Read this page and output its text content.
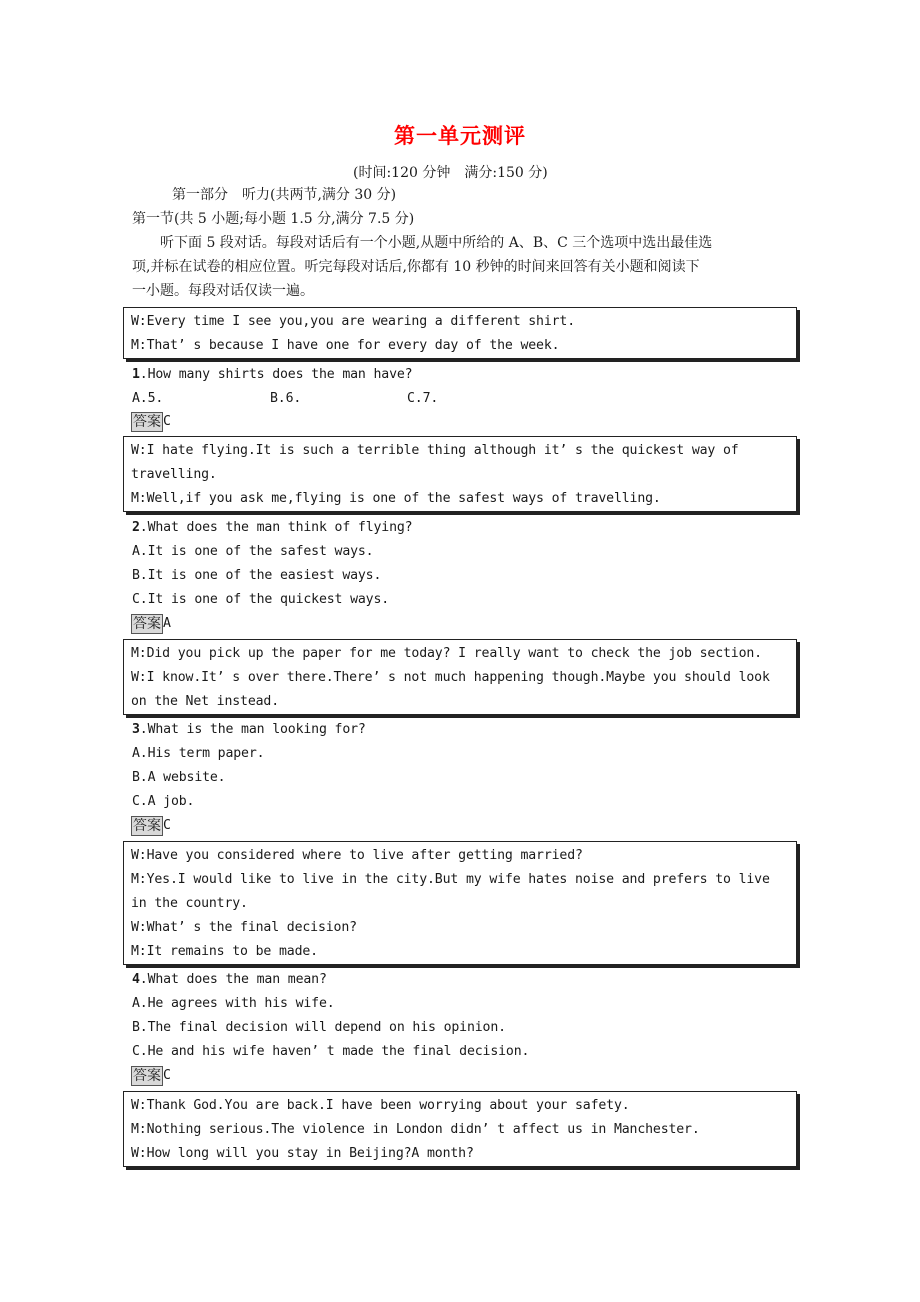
第一单元测评
(时间:120 分钟　满分:150 分)
第一部分　听力(共两节,满分 30 分)
第一节(共 5 小题;每小题 1.5 分,满分 7.5 分)
听下面 5 段对话。每段对话后有一个小题,从题中所给的 A、B、C 三个选项中选出最佳选
项,并标在试卷的相应位置。听完每段对话后,你都有 10 秒钟的时间来回答有关小题和阅读下
一小题。每段对话仅读一遍。
W:Every time I see you,you are wearing a different shirt.
M:That’ s because I have one for every day of the week.
1.How many shirts does the man have?
A.5.	B.6.	C.7.
答案 C
W:I hate flying.It is such a terrible thing although it’ s the quickest way of
travelling.
M:Well,if you ask me,flying is one of the safest ways of travelling.
2.What does the man think of flying?
A.It is one of the safest ways.
B.It is one of the easiest ways.
C.It is one of the quickest ways.
答案 A
M:Did you pick up the paper for me today? I really want to check the job section.
W:I know.It’ s over there.There’ s not much happening though.Maybe you should look
on the Net instead.
3.What is the man looking for?
A.His term paper.
B.A website.
C.A job.
答案 C
W:Have you considered where to live after getting married?
M:Yes.I would like to live in the city.But my wife hates noise and prefers to live
in the country.
W:What’ s the final decision?
M:It remains to be made.
4.What does the man mean?
A.He agrees with his wife.
B.The final decision will depend on his opinion.
C.He and his wife haven’ t made the final decision.
答案 C
W:Thank God.You are back.I have been worrying about your safety.
M:Nothing serious.The violence in London didn’ t affect us in Manchester.
W:How long will you stay in Beijing?A month?
